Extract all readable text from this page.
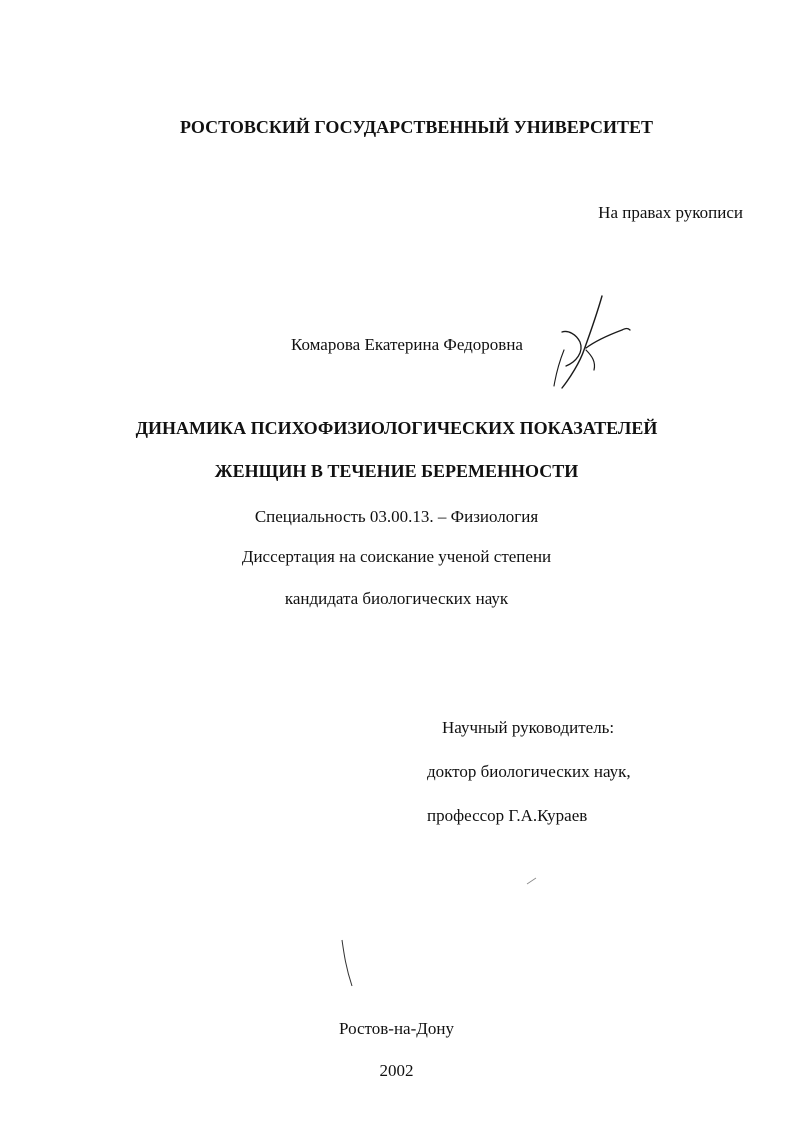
РОСТОВСКИЙ ГОСУДАРСТВЕННЫЙ УНИВЕРСИТЕТ
На правах рукописи
Комарова Екатерина Федоровна
ДИНАМИКА ПСИХОФИЗИОЛОГИЧЕСКИХ ПОКАЗАТЕЛЕЙ
ЖЕНЩИН В ТЕЧЕНИЕ БЕРЕМЕННОСТИ
Специальность 03.00.13. – Физиология
Диссертация на соискание ученой степени
кандидата биологических наук
Научный руководитель:
доктор биологических наук,
профессор Г.А.Кураев
Ростов-на-Дону
2002
